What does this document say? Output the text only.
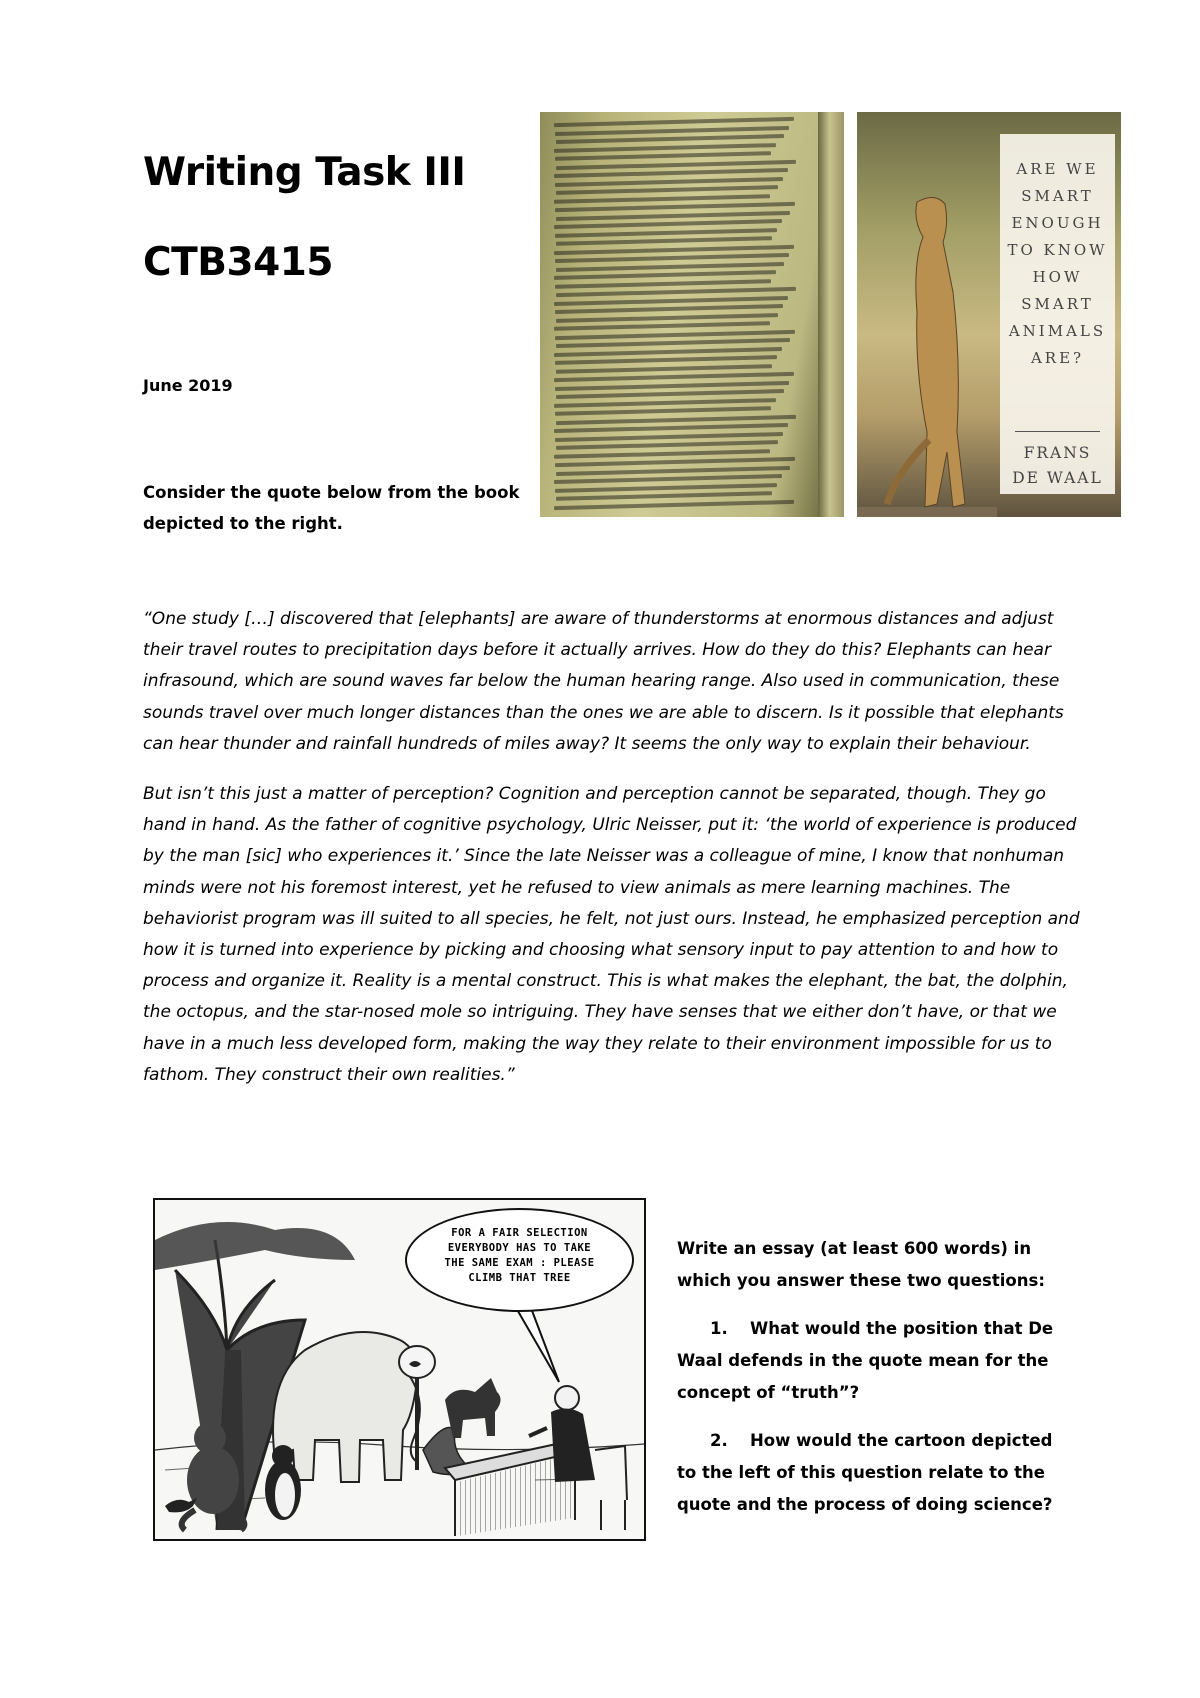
Writing Task III
CTB3415
June 2019
Consider the quote below from the book depicted to the right.
ARE WE
SMART
ENOUGH
TO KNOW
HOW
SMART
ANIMALS
ARE?
FRANS
DE WAAL

“One study […] discovered that [elephants] are aware of thunderstorms at enormous distances and adjust their travel routes to precipitation days before it actually arrives. How do they do this? Elephants can hear infrasound, which are sound waves far below the human hearing range. Also used in communication, these sounds travel over much longer distances than the ones we are able to discern. Is it possible that elephants can hear thunder and rainfall hundreds of miles away? It seems the only way to explain their behaviour.

But isn’t this just a matter of perception? Cognition and perception cannot be separated, though. They go hand in hand. As the father of cognitive psychology, Ulric Neisser, put it: ‘the world of experience is produced by the man [sic] who experiences it.’ Since the late Neisser was a colleague of mine, I know that nonhuman minds were not his foremost interest, yet he refused to view animals as mere learning machines. The behaviorist program was ill suited to all species, he felt, not just ours. Instead, he emphasized perception and how it is turned into experience by picking and choosing what sensory input to pay attention to and how to process and organize it. Reality is a mental construct. This is what makes the elephant, the bat, the dolphin, the octopus, and the star-nosed mole so intriguing. They have senses that we either don’t have, or that we have in a much less developed form, making the way they relate to their environment impossible for us to fathom. They construct their own realities.”

FOR A FAIR SELECTION
EVERYBODY HAS TO TAKE
THE SAME EXAM : PLEASE
CLIMB THAT TREE

Write an essay (at least 600 words) in which you answer these two questions:

1. What would the position that De Waal defends in the quote mean for the concept of “truth”?

2. How would the cartoon depicted to the left of this question relate to the quote and the process of doing science?
